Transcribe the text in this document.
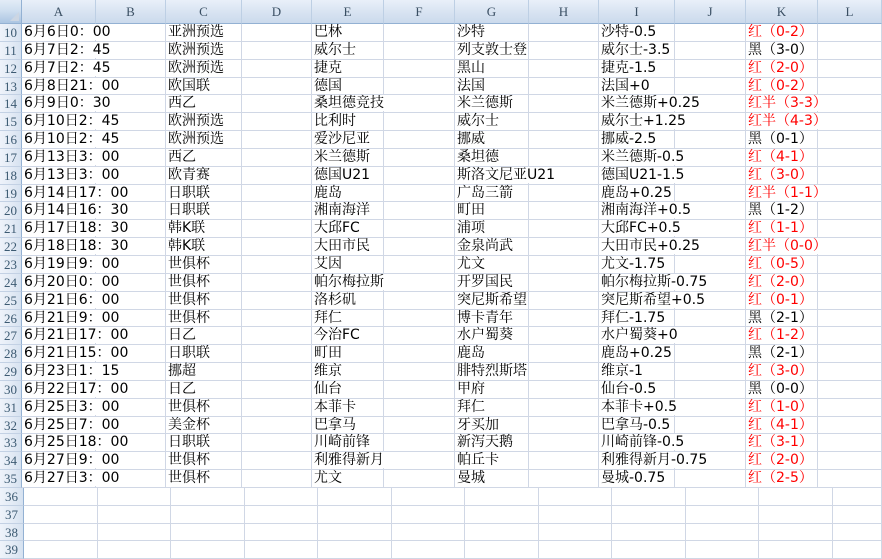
A	B	C	D	E	F	G	H	I	J	K	L
10 6月6日0：00	亚洲预选	巴林	沙特	沙特-0.5	红（0-2）
11 6月7日2：45	欧洲预选	威尔士	列支敦士登	威尔士-3.5	黑（3-0）
12 6月7日2：45	欧洲预选	捷克	黑山	捷克-1.5	红（2-0）
13 6月8日21：00	欧国联	德国	法国	法国+0	红（0-2）
14 6月9日0：30	西乙	桑坦德竞技	米兰德斯	米兰德斯+0.25	红半（3-3）
15 6月10日2：45	欧洲预选	比利时	威尔士	威尔士+1.25	红半（4-3）
16 6月10日2：45	欧洲预选	爱沙尼亚	挪威	挪威-2.5	黑（0-1）
17 6月13日3：00	西乙	米兰德斯	桑坦德	米兰德斯-0.5	红（4-1）
18 6月13日3：00	欧青赛	德国U21	斯洛文尼亚U21	德国U21-1.5	红（3-0）
19 6月14日17：00	日职联	鹿岛	广岛三箭	鹿岛+0.25	红半（1-1）
20 6月14日16：30	日职联	湘南海洋	町田	湘南海洋+0.5	黑（1-2）
21 6月17日18：30	韩K联	大邱FC	浦项	大邱FC+0.5	红（1-1）
22 6月18日18：30	韩K联	大田市民	金泉尚武	大田市民+0.25	红半（0-0）
23 6月19日9：00	世俱杯	艾因	尤文	尤文-1.75	红（0-5）
24 6月20日0：00	世俱杯	帕尔梅拉斯	开罗国民	帕尔梅拉斯-0.75	红（2-0）
25 6月21日6：00	世俱杯	洛杉矶	突尼斯希望	突尼斯希望+0.5	红（0-1）
26 6月21日9：00	世俱杯	拜仁	博卡青年	拜仁-1.75	黑（2-1）
27 6月21日17：00	日乙	今治FC	水户蜀葵	水户蜀葵+0	红（1-2）
28 6月21日15：00	日职联	町田	鹿岛	鹿岛+0.25	黑（2-1）
29 6月23日1：15	挪超	维京	腓特烈斯塔	维京-1	红（3-0）
30 6月22日17：00	日乙	仙台	甲府	仙台-0.5	黑（0-0）
31 6月25日3：00	世俱杯	本菲卡	拜仁	本菲卡+0.5	红（1-0）
32 6月25日7：00	美金杯	巴拿马	牙买加	巴拿马-0.5	红（4-1）
33 6月25日18：00	日职联	川崎前锋	新泻天鹅	川崎前锋-0.5	红（3-1）
34 6月27日9：00	世俱杯	利雅得新月	帕丘卡	利雅得新月-0.75	红（2-0）
35 6月27日3：00	世俱杯	尤文	曼城	曼城-0.75	红（2-5）
36
37
38
39
